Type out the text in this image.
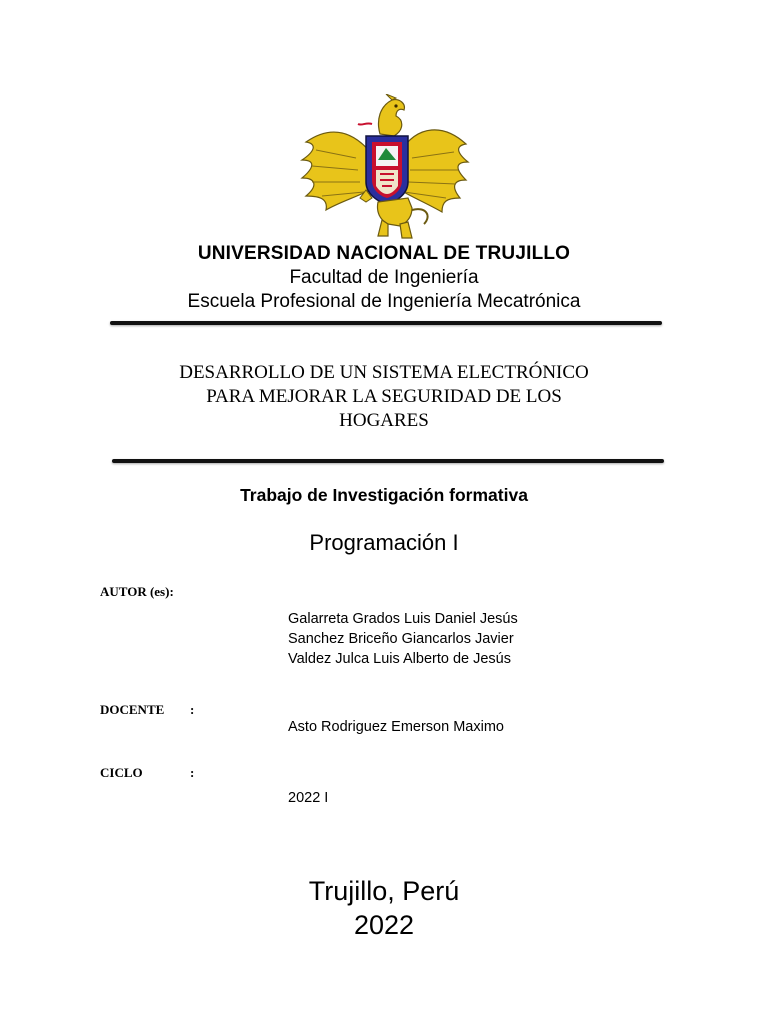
UNIVERSIDAD NACIONAL DE TRUJILLO
Facultad de Ingeniería
Escuela Profesional de Ingeniería Mecatrónica
DESARROLLO DE UN SISTEMA ELECTRÓNICO
PARA MEJORAR LA SEGURIDAD DE LOS
HOGARES
Trabajo de Investigación formativa
Programación I
AUTOR (es):
Galarreta Grados Luis Daniel Jesús
Sanchez Briceño Giancarlos Javier
Valdez Julca Luis Alberto de Jesús
DOCENTE :
Asto Rodriguez Emerson Maximo
CICLO	:
2022 I
Trujillo, Perú
2022
